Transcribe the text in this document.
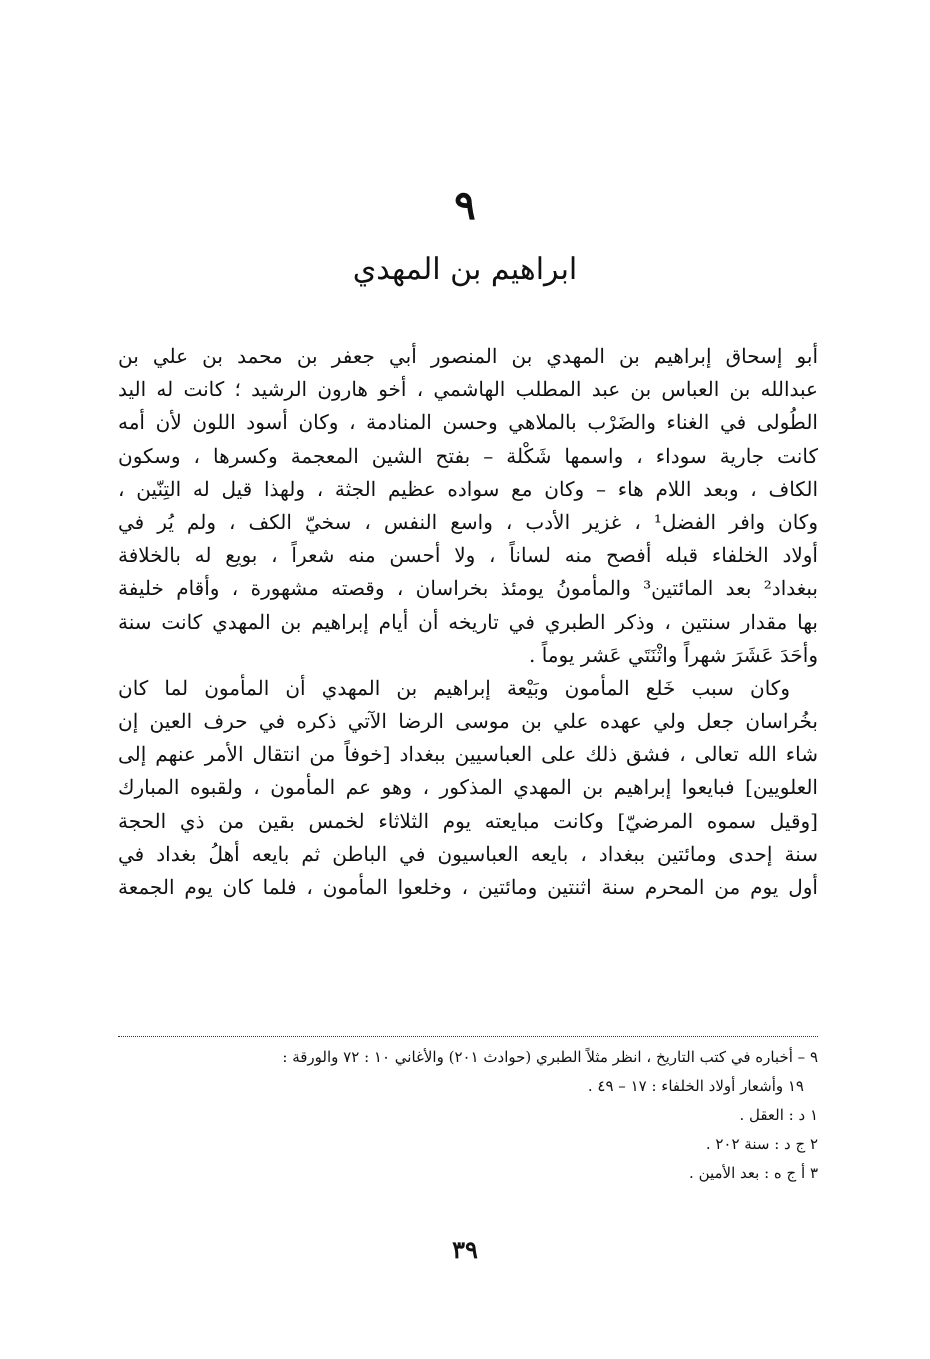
٩
ابراهيم بن المهدي
أبو إسحاق إبراهيم بن المهدي بن المنصور أبي جعفر بن محمد بن علي بن
عبدالله بن العباس بن عبد المطلب الهاشمي ، أخو هارون الرشيد ؛ كانت له اليد
الطُولى في الغناء والضَرْب بالملاهي وحسن المنادمة ، وكان أسود اللون لأن أمه
كانت جارية سوداء ، واسمها شَكْلة – بفتح الشين المعجمة وكسرها ، وسكون
الكاف ، وبعد اللام هاء – وكان مع سواده عظيم الجثة ، ولهذا قيل له التِنّين ،
وكان وافر الفضل¹ ، غزير الأدب ، واسع النفس ، سخيّ الكف ، ولم يُر في
أولاد الخلفاء قبله أفصح منه لساناً ، ولا أحسن منه شعراً ، بويع له بالخلافة
ببغداد² بعد المائتين³ والمأمونُ يومئذ بخراسان ، وقصته مشهورة ، وأقام خليفة
بها مقدار سنتين ، وذكر الطبري في تاريخه أن أيام إبراهيم بن المهدي كانت سنة
وأحَدَ عَشَرَ شهراً واثْنَتَي عَشر يوماً .
وكان سبب خَلع المأمون وبَيْعة إبراهيم بن المهدي أن المأمون لما كان
بخُراسان جعل ولي عهده علي بن موسى الرضا الآتي ذكره في حرف العين إن
شاء الله تعالى ، فشق ذلك على العباسيين ببغداد [خوفاً من انتقال الأمر عنهم إلى
العلويين] فبايعوا إبراهيم بن المهدي المذكور ، وهو عم المأمون ، ولقبوه المبارك
[وقيل سموه المرضيّ] وكانت مبايعته يوم الثلاثاء لخمس بقين من ذي الحجة
سنة إحدى ومائتين ببغداد ، بايعه العباسيون في الباطن ثم بايعه أهلُ بغداد في
أول يوم من المحرم سنة اثنتين ومائتين ، وخلعوا المأمون ، فلما كان يوم الجمعة
٩ – أخباره في كتب التاريخ ، انظر مثلاً الطبري (حوادث ٢٠١) والأغاني ١٠ : ٧٢ والورقة :
١٩ وأشعار أولاد الخلفاء : ١٧ – ٤٩ .
١ د : العقل .
٢ ج د : سنة ٢٠٢ .
٣ أ ج ه : بعد الأمين .
٣٩
